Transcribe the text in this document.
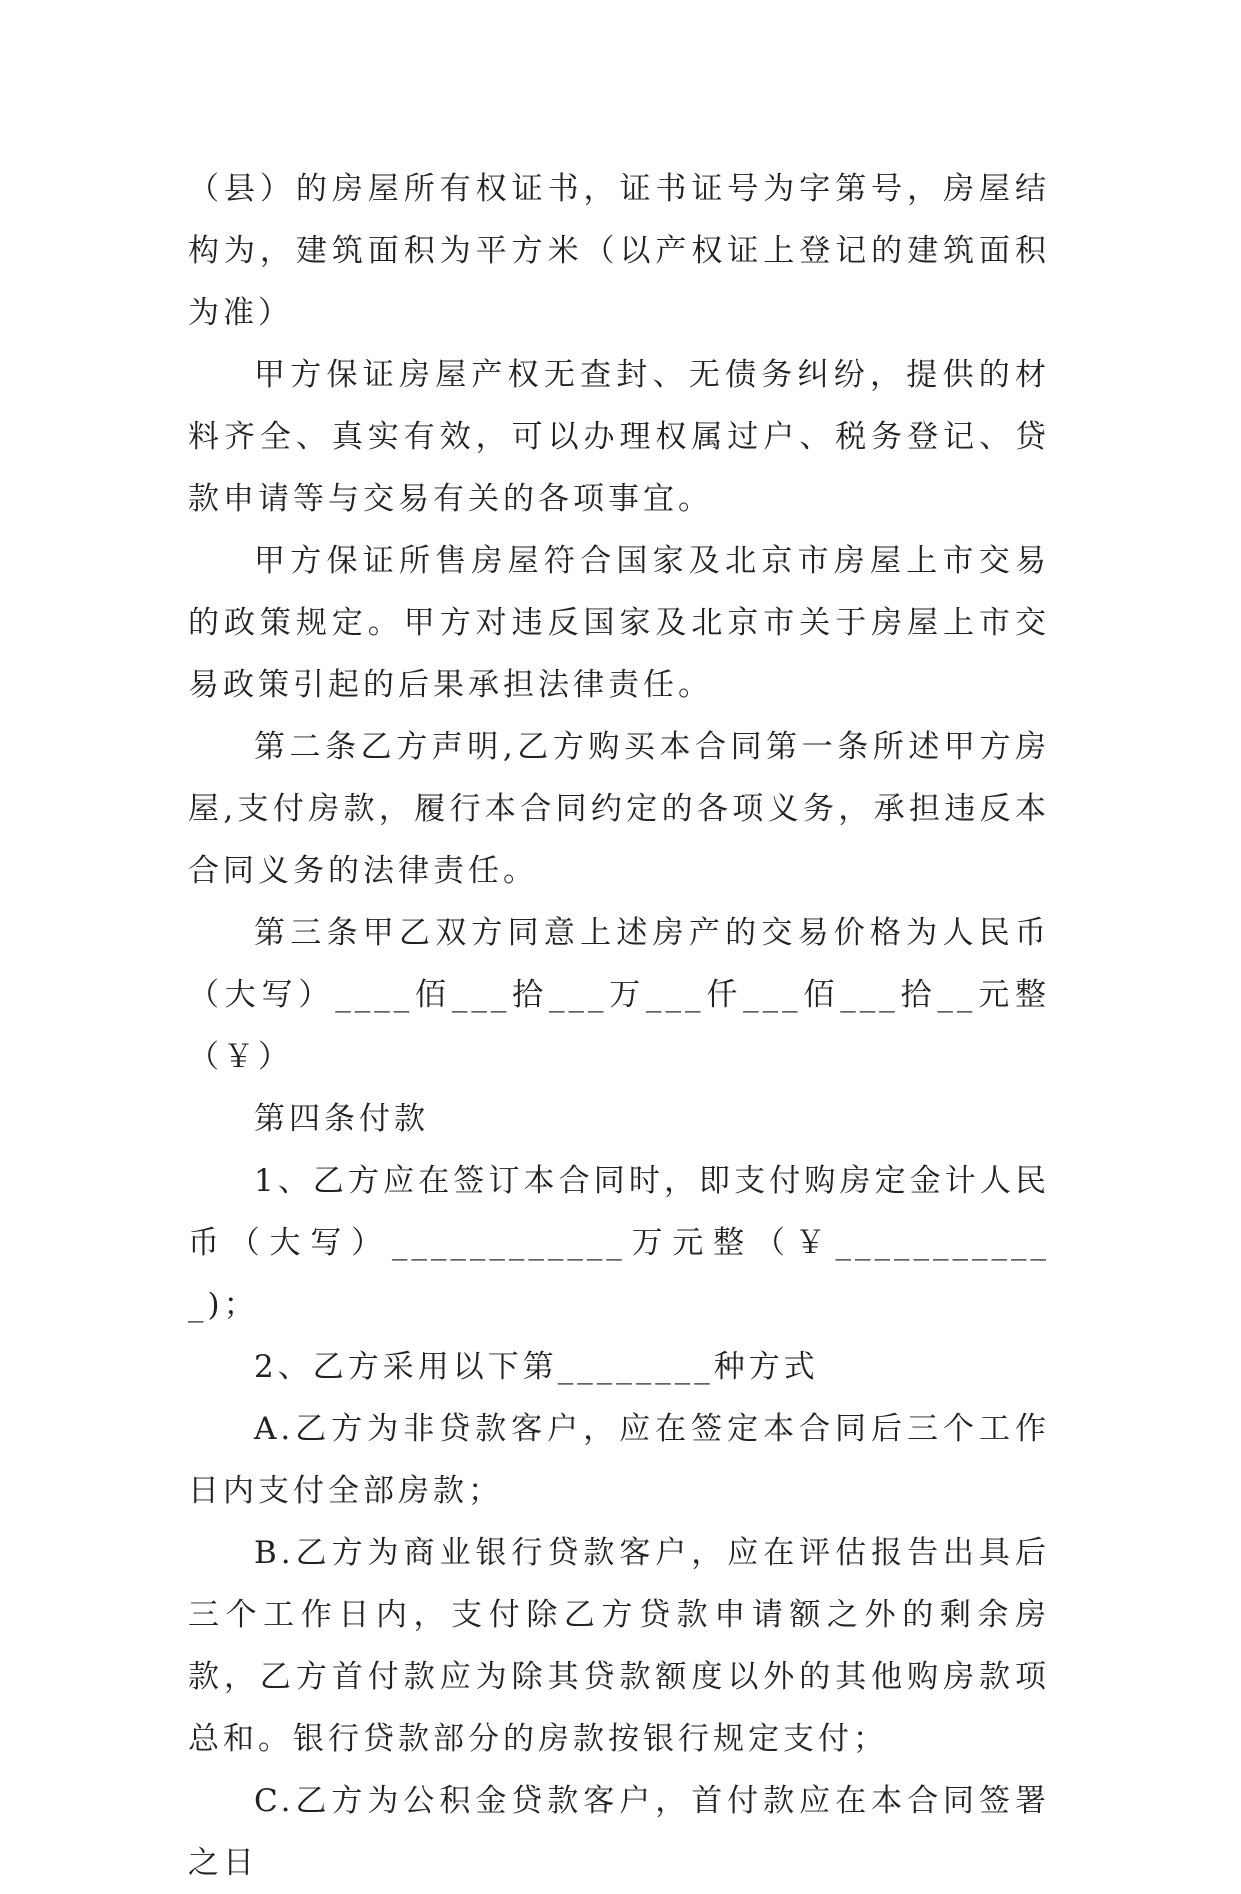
（县）的房屋所有权证书，证书证号为字第号，房屋结构为，建筑面积为平方米（以产权证上登记的建筑面积为准）

甲方保证房屋产权无查封、无债务纠纷，提供的材料齐全、真实有效，可以办理权属过户、税务登记、贷款申请等与交易有关的各项事宜。

甲方保证所售房屋符合国家及北京市房屋上市交易的政策规定。甲方对违反国家及北京市关于房屋上市交易政策引起的后果承担法律责任。

第二条乙方声明,乙方购买本合同第一条所述甲方房屋,支付房款，履行本合同约定的各项义务，承担违反本合同义务的法律责任。

第三条甲乙双方同意上述房产的交易价格为人民币（大写）____佰___拾___万___仟___佰___拾__元整（￥）

第四条付款

1、乙方应在签订本合同时，即支付购房定金计人民币（大写）____________万元整（￥____________)；

2、乙方采用以下第________种方式

A.乙方为非贷款客户，应在签定本合同后三个工作日内支付全部房款；

B.乙方为商业银行贷款客户，应在评估报告出具后三个工作日内，支付除乙方贷款申请额之外的剩余房款，乙方首付款应为除其贷款额度以外的其他购房款项总和。银行贷款部分的房款按银行规定支付；

C.乙方为公积金贷款客户，首付款应在本合同签署之日
